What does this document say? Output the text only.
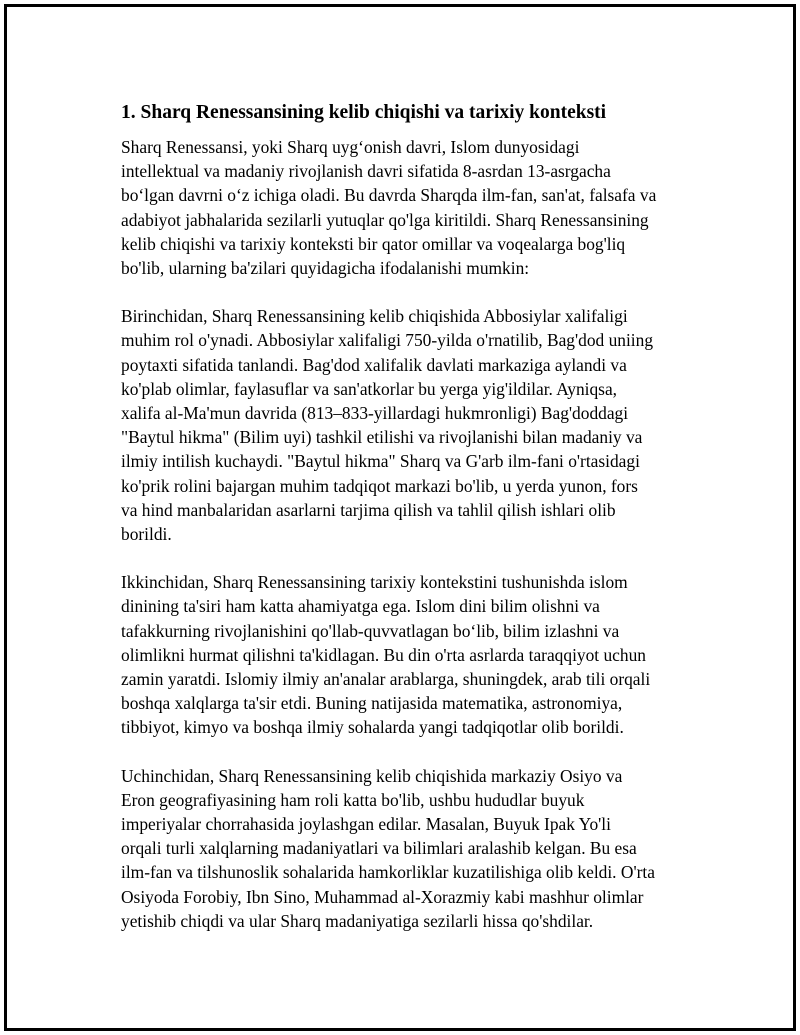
1. Sharq Renessansining kelib chiqishi va tarixiy konteksti

Sharq Renessansi, yoki Sharq uyg‘onish davri, Islom dunyosidagi
intellektual va madaniy rivojlanish davri sifatida 8-asrdan 13-asrgacha
bo‘lgan davrni o‘z ichiga oladi. Bu davrda Sharqda ilm-fan, san'at, falsafa va
adabiyot jabhalarida sezilarli yutuqlar qo'lga kiritildi. Sharq Renessansining
kelib chiqishi va tarixiy konteksti bir qator omillar va voqealarga bog'liq
bo'lib, ularning ba'zilari quyidagicha ifodalanishi mumkin:

Birinchidan, Sharq Renessansining kelib chiqishida Abbosiylar xalifaligi
muhim rol o'ynadi. Abbosiylar xalifaligi 750-yilda o'rnatilib, Bag'dod uniing
poytaxti sifatida tanlandi. Bag'dod xalifalik davlati markaziga aylandi va
ko'plab olimlar, faylasuflar va san'atkorlar bu yerga yig'ildilar. Ayniqsa,
xalifa al-Ma'mun davrida (813–833-yillardagi hukmronligi) Bag'doddagi
"Baytul hikma" (Bilim uyi) tashkil etilishi va rivojlanishi bilan madaniy va
ilmiy intilish kuchaydi. "Baytul hikma" Sharq va G'arb ilm-fani o'rtasidagi
ko'prik rolini bajargan muhim tadqiqot markazi bo'lib, u yerda yunon, fors
va hind manbalaridan asarlarni tarjima qilish va tahlil qilish ishlari olib
borildi.

Ikkinchidan, Sharq Renessansining tarixiy kontekstini tushunishda islom
dinining ta'siri ham katta ahamiyatga ega. Islom dini bilim olishni va
tafakkurning rivojlanishini qo'llab-quvvatlagan bo‘lib, bilim izlashni va
olimlikni hurmat qilishni ta'kidlagan. Bu din o'rta asrlarda taraqqiyot uchun
zamin yaratdi. Islomiy ilmiy an'analar arablarga, shuningdek, arab tili orqali
boshqa xalqlarga ta'sir etdi. Buning natijasida matematika, astronomiya,
tibbiyot, kimyo va boshqa ilmiy sohalarda yangi tadqiqotlar olib borildi.

Uchinchidan, Sharq Renessansining kelib chiqishida markaziy Osiyo va
Eron geografiyasining ham roli katta bo'lib, ushbu hududlar buyuk
imperiyalar chorrahasida joylashgan edilar. Masalan, Buyuk Ipak Yo'li
orqali turli xalqlarning madaniyatlari va bilimlari aralashib kelgan. Bu esa
ilm-fan va tilshunoslik sohalarida hamkorliklar kuzatilishiga olib keldi. O'rta
Osiyoda Forobiy, Ibn Sino, Muhammad al-Xorazmiy kabi mashhur olimlar
yetishib chiqdi va ular Sharq madaniyatiga sezilarli hissa qo'shdilar.
